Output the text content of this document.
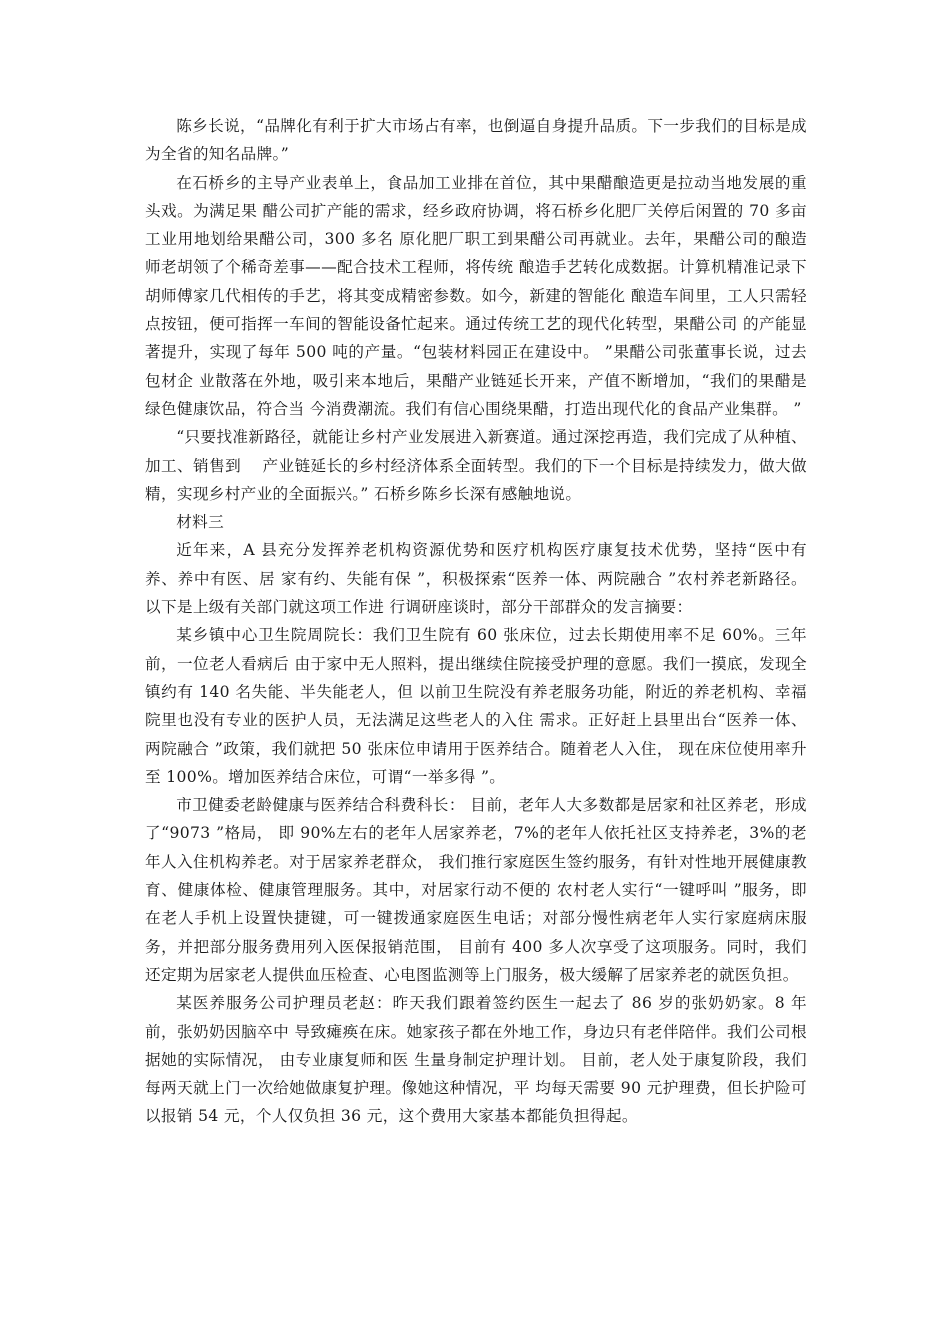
陈乡长说，“品牌化有利于扩大市场占有率，也倒逼自身提升品质。下一步我们的目标是成为全省的知名品牌。”

在石桥乡的主导产业表单上，食品加工业排在首位，其中果醋酿造更是拉动当地发展的重头戏。为满足果 醋公司扩产能的需求，经乡政府协调，将石桥乡化肥厂关停后闲置的 70 多亩工业用地划给果醋公司，300 多名 原化肥厂职工到果醋公司再就业。去年，果醋公司的酿造师老胡领了个稀奇差事——配合技术工程师，将传统 酿造手艺转化成数据。计算机精准记录下胡师傅家几代相传的手艺，将其变成精密参数。如今，新建的智能化 酿造车间里，工人只需轻点按钮，便可指挥一车间的智能设备忙起来。通过传统工艺的现代化转型，果醋公司 的产能显著提升，实现了每年 500 吨的产量。“包装材料园正在建设中。 ”果醋公司张董事长说，过去包材企 业散落在外地，吸引来本地后，果醋产业链延长开来，产值不断增加，“我们的果醋是绿色健康饮品，符合当 今消费潮流。我们有信心围绕果醋，打造出现代化的食品产业集群。 ”

“只要找准新路径，就能让乡村产业发展进入新赛道。通过深挖再造，我们完成了从种植、加工、销售到 　产业链延长的乡村经济体系全面转型。我们的下一个目标是持续发力，做大做精，实现乡村产业的全面振兴。” 石桥乡陈乡长深有感触地说。

材料三

近年来，A 县充分发挥养老机构资源优势和医疗机构医疗康复技术优势，坚持“医中有养、养中有医、居 家有约、失能有保 ”，积极探索“医养一体、两院融合 ”农村养老新路径。以下是上级有关部门就这项工作进 行调研座谈时，部分干部群众的发言摘要：

某乡镇中心卫生院周院长：我们卫生院有 60 张床位，过去长期使用率不足 60%。三年前，一位老人看病后 由于家中无人照料，提出继续住院接受护理的意愿。我们一摸底，发现全镇约有 140 名失能、半失能老人，但 以前卫生院没有养老服务功能，附近的养老机构、幸福院里也没有专业的医护人员，无法满足这些老人的入住 需求。正好赶上县里出台“医养一体、两院融合 ”政策，我们就把 50 张床位申请用于医养结合。随着老人入住， 现在床位使用率升至 100%。增加医养结合床位，可谓“一举多得 ”。

市卫健委老龄健康与医养结合科费科长： 目前，老年人大多数都是居家和社区养老，形成了“9073 ”格局， 即 90%左右的老年人居家养老，7%的老年人依托社区支持养老，3%的老年人入住机构养老。对于居家养老群众， 我们推行家庭医生签约服务，有针对性地开展健康教育、健康体检、健康管理服务。其中，对居家行动不便的 农村老人实行“一键呼叫 ”服务，即在老人手机上设置快捷键，可一键拨通家庭医生电话；对部分慢性病老年人实行家庭病床服务，并把部分服务费用列入医保报销范围， 目前有 400 多人次享受了这项服务。同时，我们 还定期为居家老人提供血压检查、心电图监测等上门服务，极大缓解了居家养老的就医负担。

某医养服务公司护理员老赵：昨天我们跟着签约医生一起去了 86 岁的张奶奶家。8 年前，张奶奶因脑卒中 导致瘫痪在床。她家孩子都在外地工作，身边只有老伴陪伴。我们公司根据她的实际情况， 由专业康复师和医 生量身制定护理计划。 目前，老人处于康复阶段，我们每两天就上门一次给她做康复护理。像她这种情况，平 均每天需要 90 元护理费，但长护险可以报销 54 元，个人仅负担 36 元，这个费用大家基本都能负担得起。
